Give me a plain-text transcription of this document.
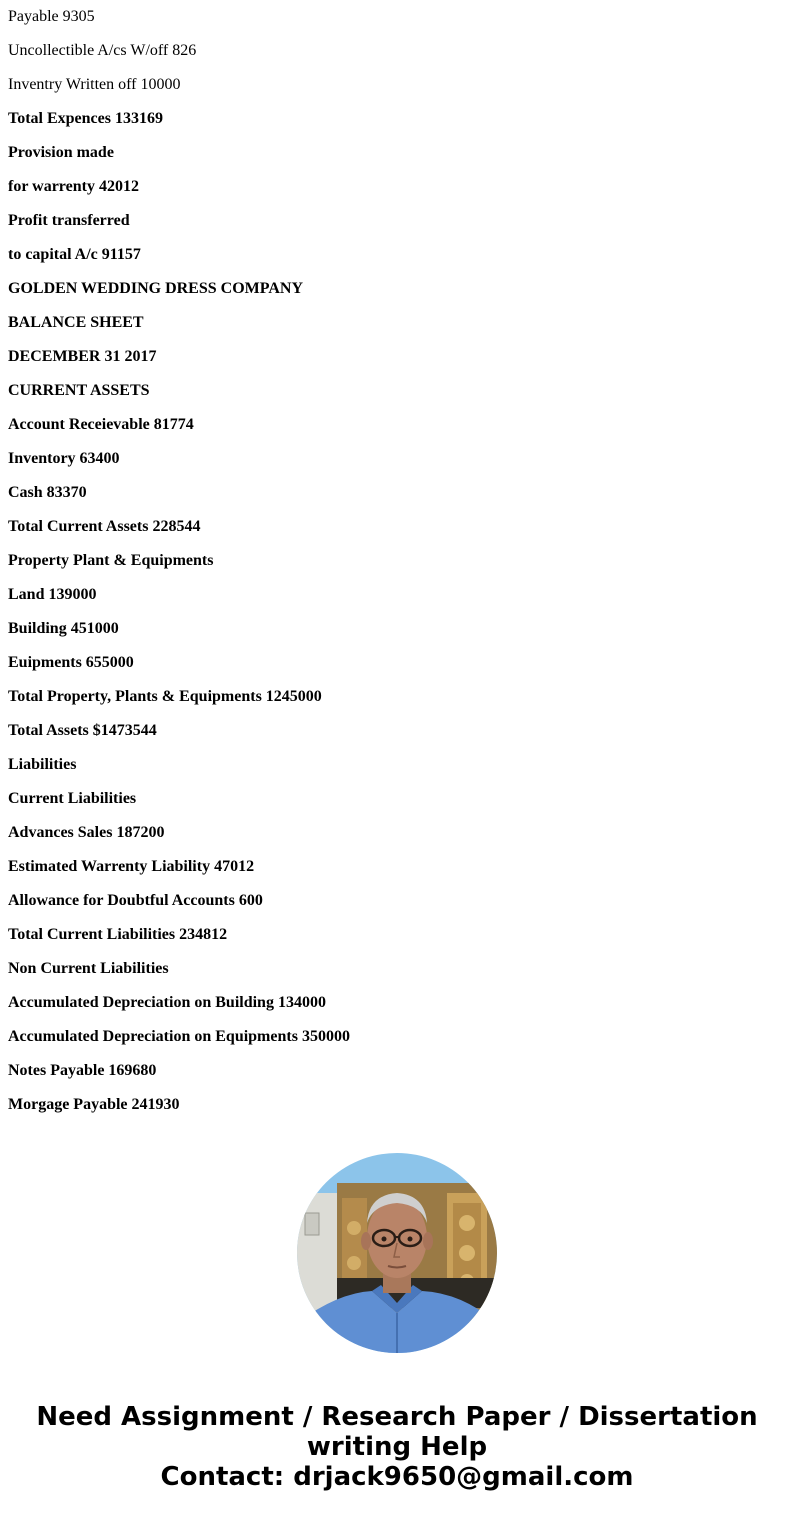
Payable 9305
Uncollectible A/cs W/off 826
Inventry Written off 10000
Total Expences 133169
Provision made
for warrenty 42012
Profit transferred
to capital A/c 91157
GOLDEN WEDDING DRESS COMPANY
BALANCE SHEET
DECEMBER 31 2017
CURRENT ASSETS
Account Receievable 81774
Inventory 63400
Cash 83370
Total Current Assets 228544
Property Plant & Equipments
Land 139000
Building 451000
Euipments 655000
Total Property, Plants & Equipments 1245000
Total Assets $1473544
Liabilities
Current Liabilities
Advances Sales 187200
Estimated Warrenty Liability 47012
Allowance for Doubtful Accounts 600
Total Current Liabilities 234812
Non Current Liabilities
Accumulated Depreciation on Building 134000
Accumulated Depreciation on Equipments 350000
Notes Payable 169680
Morgage Payable 241930
Need Assignment / Research Paper / Dissertation
writing Help
Contact: drjack9650@gmail.com
